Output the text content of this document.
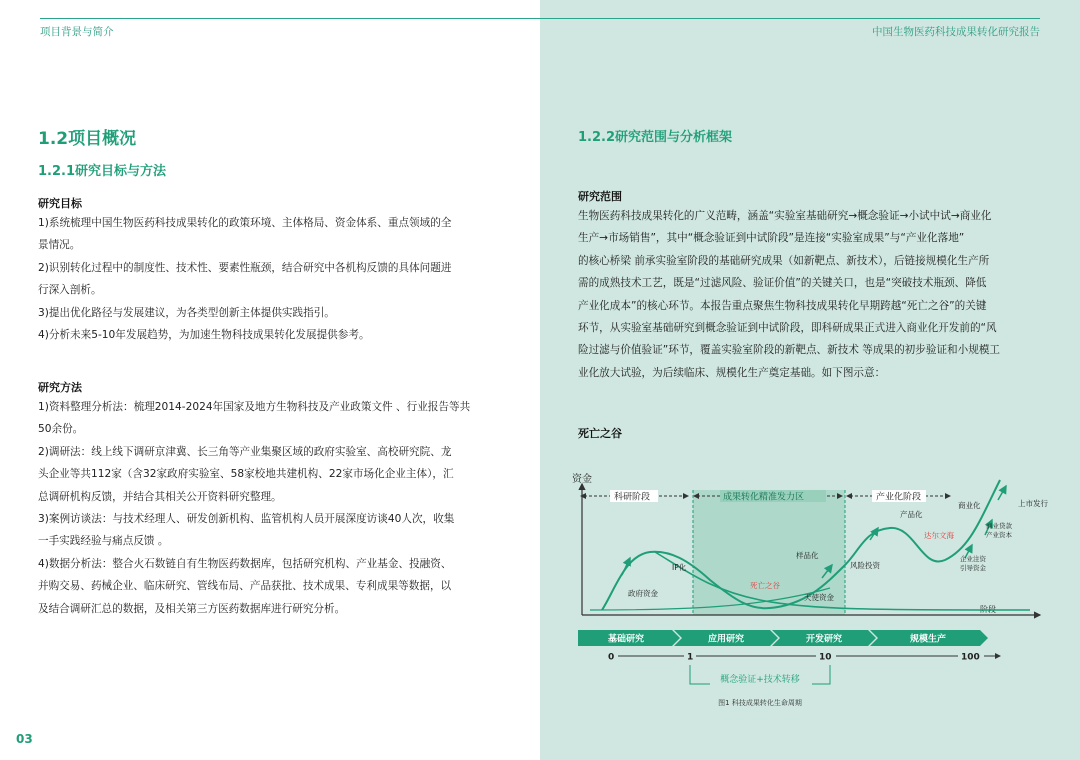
项目背景与简介
1.2项目概况
1.2.1研究目标与方法
研究目标

1)系统梳理中国生物医药科技成果转化的政策环境、主体格局、资金体系、重点领域的全

景情况。

2)识别转化过程中的制度性、技术性、要素性瓶颈，结合研究中各机构反馈的具体问题进

行深入剖析。

3)提出优化路径与发展建议，为各类型创新主体提供实践指引。

4)分析未来5-10年发展趋势，为加速生物科技成果转化发展提供参考。

研究方法

1)资料整理分析法：梳理2014-2024年国家及地方生物科技及产业政策文件 、行业报告等共

50余份。

2)调研法：线上线下调研京津冀、长三角等产业集聚区域的政府实验室、高校研究院、龙

头企业等共112家（含32家政府实验室、58家校地共建机构、22家市场化企业主体），汇

总调研机构反馈，并结合其相关公开资料研究整理。

3)案例访谈法：与技术经理人、研发创新机构、监管机构人员开展深度访谈40人次，收集

一手实践经验与痛点反馈 。

4)数据分析法：整合火石数链自有生物医药数据库，包括研究机构、产业基金、投融资、

并购交易、药械企业、临床研究、管线布局、产品获批、技术成果、专利成果等数据，以

及结合调研汇总的数据，及相关第三方医药数据库进行研究分析。

03
中国生物医药科技成果转化研究报告
1.2.2研究范围与分析框架
研究范围

生物医药科技成果转化的广义范畴，涵盖“实验室基础研究→概念验证→小试中试→商业化

生产→市场销售”，其中“概念验证到中试阶段”是连接“实验室成果”与“产业化落地”

的核心桥梁 前承实验室阶段的基础研究成果（如新靶点、新技术），后链接规模化生产所

需的成熟技术工艺，既是“过滤风险、验证价值”的关键关口，也是“突破技术瓶颈、降低

产业化成本”的核心环节。本报告重点聚焦生物科技成果转化早期跨越“死亡之谷”的关键

环节，从实验室基础研究到概念验证到中试阶段，即科研成果正式进入商业化开发前的“风

险过滤与价值验证”环节，覆盖实验室阶段的新靶点、新技术 等成果的初步验证和小规模工

业化放大试验，为后续临床、规模化生产奠定基础。如下图示意：

死亡之谷
资金
阶段
科研阶段	成果转化精准发力区	产业化阶段
政府资金
IP化
死亡之谷
样品化
天使资金
风险投资
产品化
达尔文海
商业化	上市发行
企业注资引导资金
商业贷款产业资本
基础研究	应用研究	开发研究	规模生产
0	1	10	100
概念验证+技术转移
图1 科技成果转化生命周期
